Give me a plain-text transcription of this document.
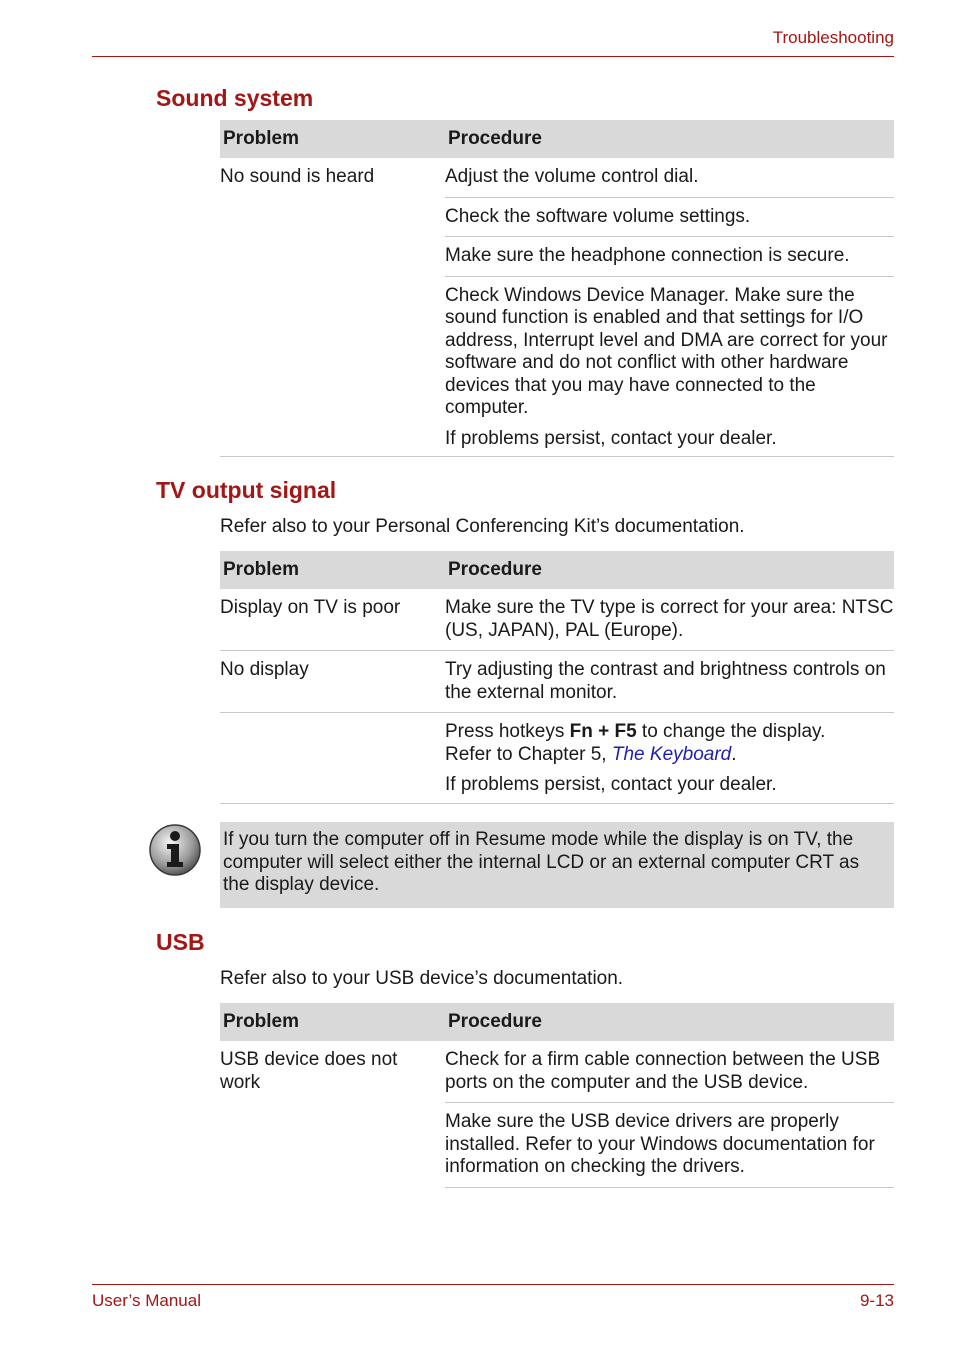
Troubleshooting
Sound system
Problem	Procedure
No sound is heard	Adjust the volume control dial.
	Check the software volume settings.
	Make sure the headphone connection is secure.

	Check Windows Device Manager. Make sure the sound function is enabled and that settings for I/O address, Interrupt level and DMA are correct for your software and do not conflict with other hardware devices that you may have connected to the computer.
If problems persist, contact your dealer.
TV output signal
Refer also to your Personal Conferencing Kit’s documentation.
Problem	Procedure
Display on TV is poor	Make sure the TV type is correct for your area: NTSC (US, JAPAN), PAL (Europe).
No display	Try adjusting the contrast and brightness controls on the external monitor.

	Press hotkeys Fn + F5 to change the display.
Refer to Chapter 5, The Keyboard.
If problems persist, contact your dealer.
If you turn the computer off in Resume mode while the display is on TV, the computer will select either the internal LCD or an external computer CRT as the display device.
USB
Refer also to your USB device’s documentation.
Problem	Procedure
USB device does not work	Check for a firm cable connection between the USB ports on the computer and the USB device.
	Make sure the USB device drivers are properly installed. Refer to your Windows documentation for information on checking the drivers.
User’s Manual	9-13
